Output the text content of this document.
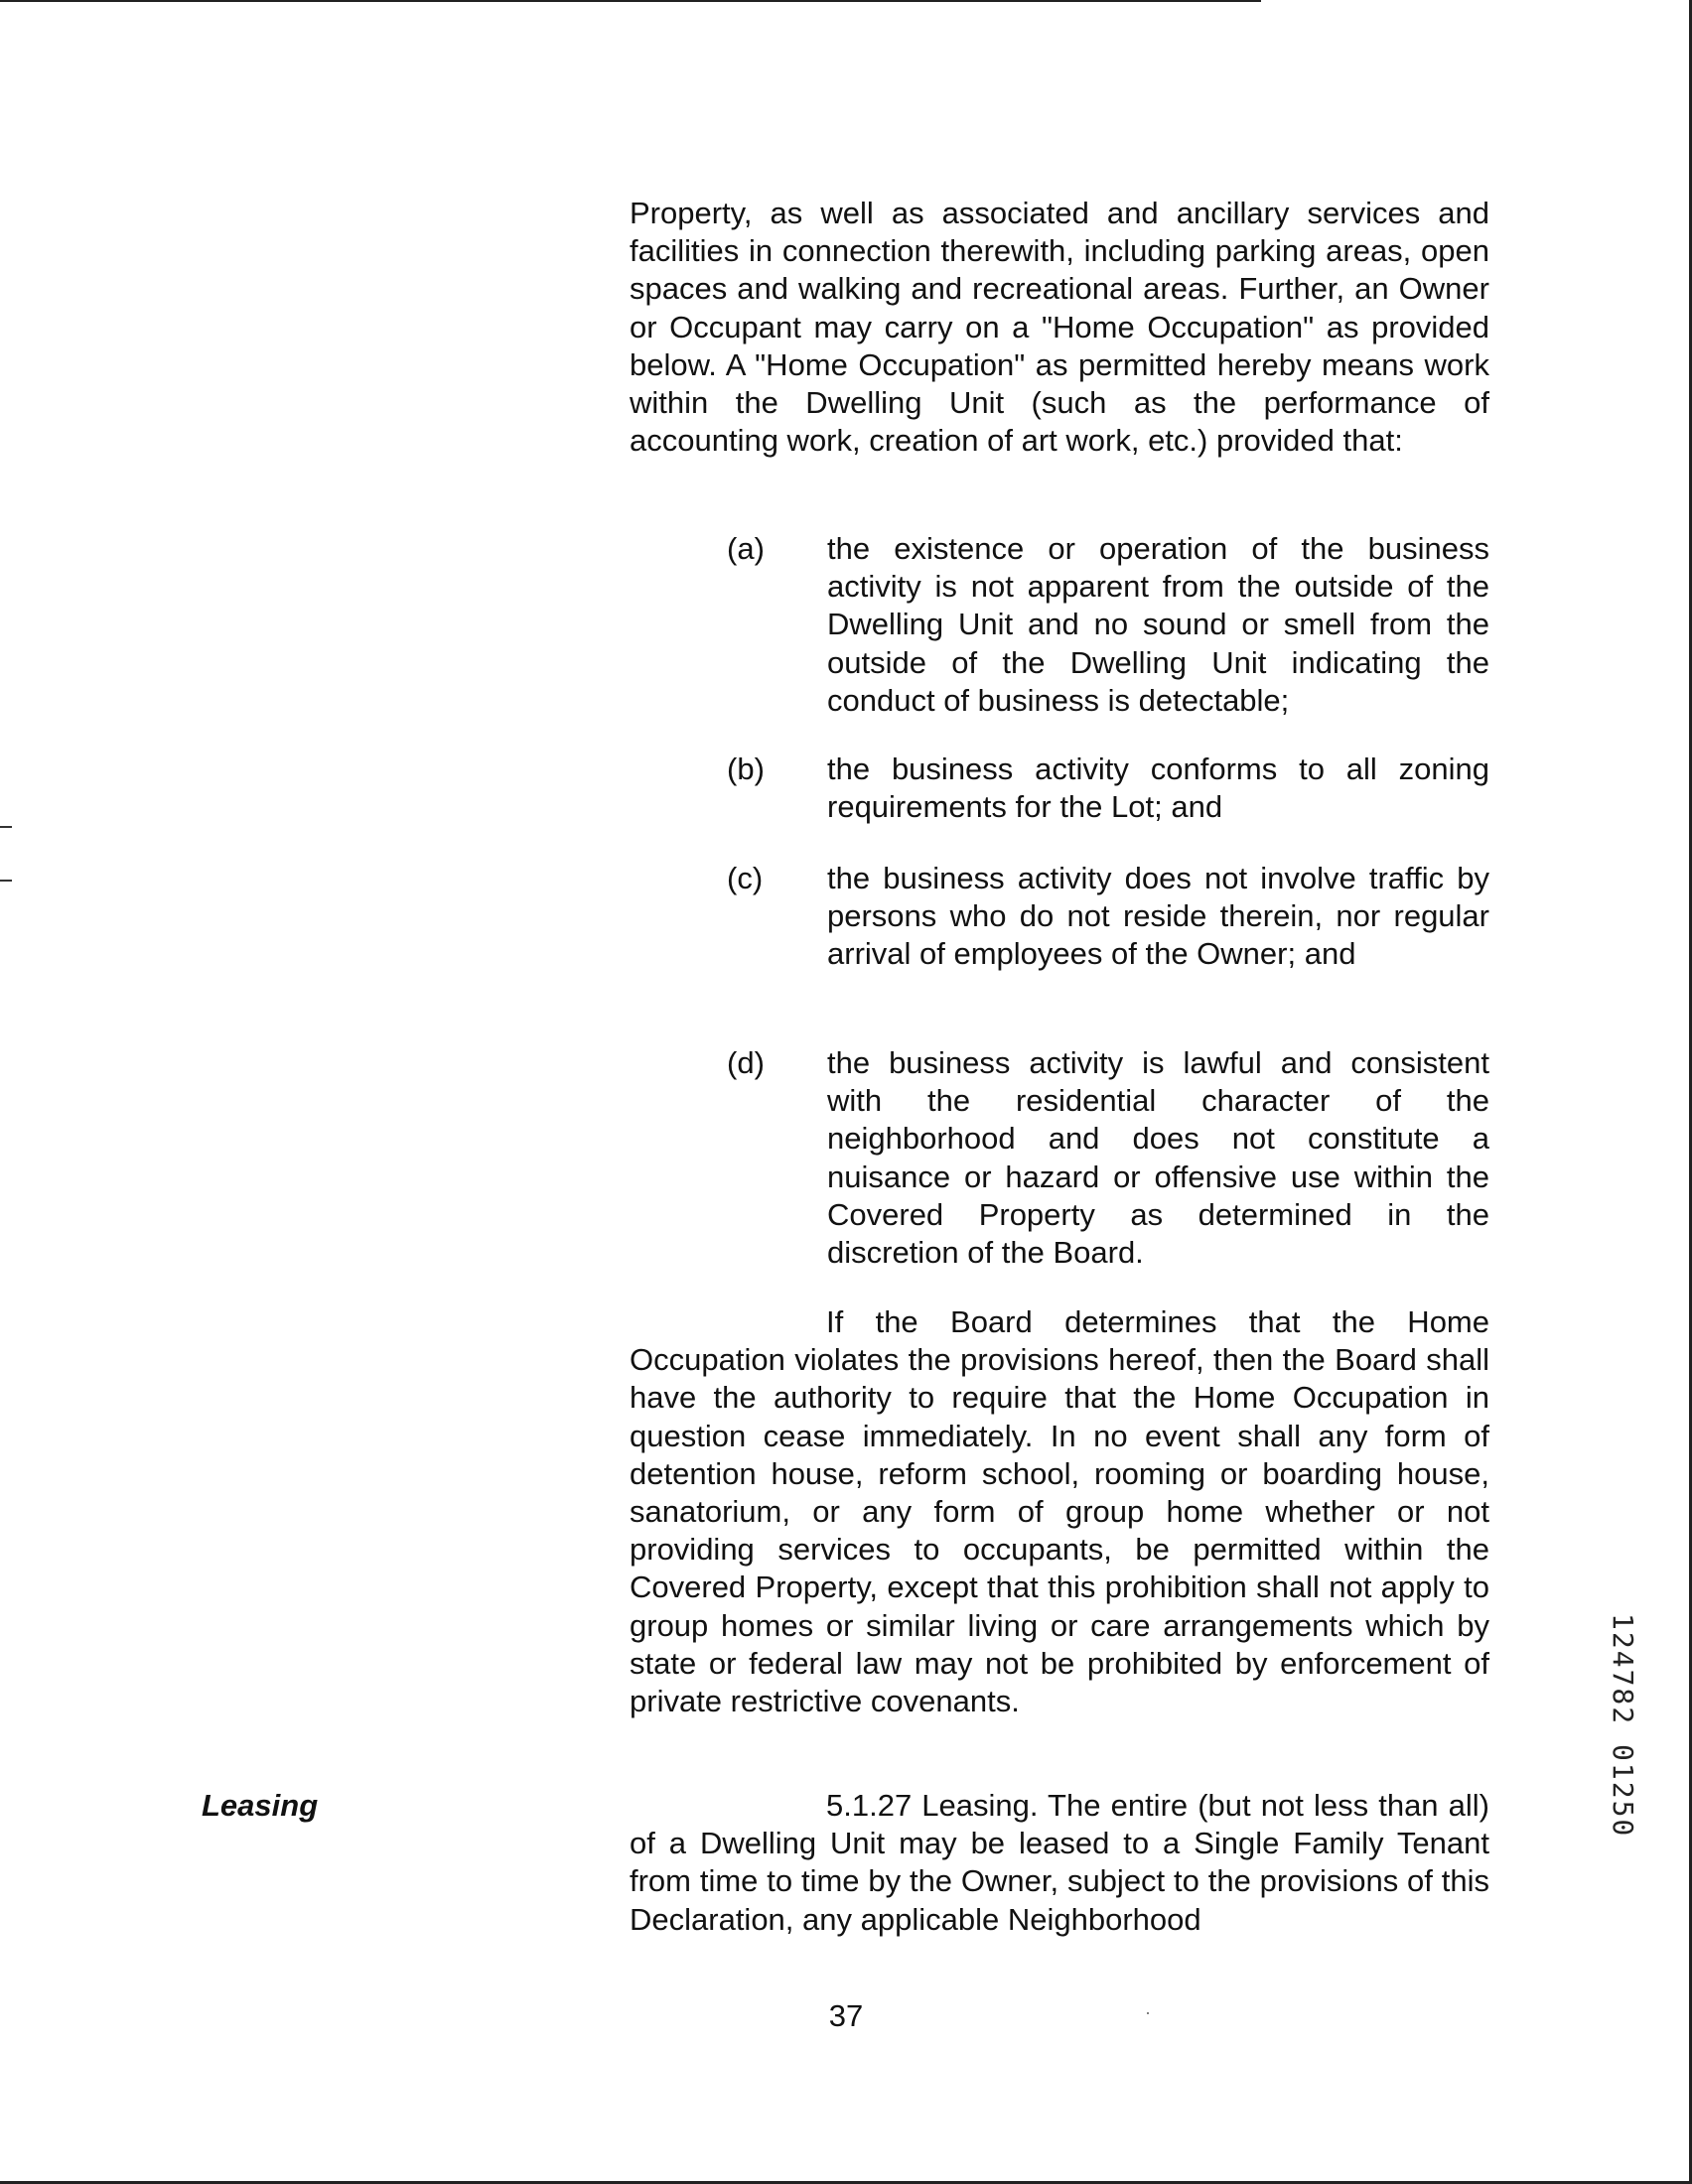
Property, as well as associated and ancillary services and facilities in connection therewith, including parking areas, open spaces and walking and recreational areas. Further, an Owner or Occupant may carry on a "Home Occupation" as provided below. A "Home Occupation" as permitted hereby means work within the Dwelling Unit (such as the performance of accounting work, creation of art work, etc.) provided that:

(a)	the existence or operation of the business activity is not apparent from the outside of the Dwelling Unit and no sound or smell from the outside of the Dwelling Unit indicating the conduct of business is detectable;
(b)	the business activity conforms to all zoning requirements for the Lot; and
(c)	the business activity does not involve traffic by persons who do not reside therein, nor regular arrival of employees of the Owner; and
(d)	the business activity is lawful and consistent with the residential character of the neighborhood and does not constitute a nuisance or hazard or offensive use within the Covered Property as determined in the discretion of the Board.

If the Board determines that the Home Occupation violates the provisions hereof, then the Board shall have the authority to require that the Home Occupation in question cease immediately. In no event shall any form of detention house, reform school, rooming or boarding house, sanatorium, or any form of group home whether or not providing services to occupants, be permitted within the Covered Property, except that this prohibition shall not apply to group homes or similar living or care arrangements which by state or federal law may not be prohibited by enforcement of private restrictive covenants.

Leasing	5.1.27 Leasing. The entire (but not less than all) of a Dwelling Unit may be leased to a Single Family Tenant from time to time by the Owner, subject to the provisions of this Declaration, any applicable Neighborhood

37
124782 01250
